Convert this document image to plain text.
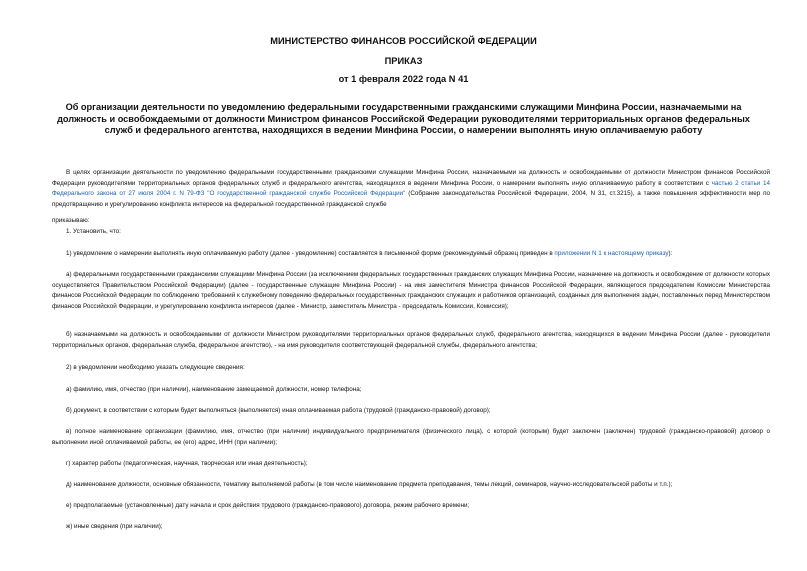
МИНИСТЕРСТВО ФИНАНСОВ РОССИЙСКОЙ ФЕДЕРАЦИИ
ПРИКАЗ
от 1 февраля 2022 года N 41
Об организации деятельности по уведомлению федеральными государственными гражданскими служащими Минфина России, назначаемыми на должность и освобождаемыми от должности Министром финансов Российской Федерации руководителями территориальных органов федеральных служб и федерального агентства, находящихся в ведении Минфина России, о намерении выполнять иную оплачиваемую работу
В целях организации деятельности по уведомлению федеральными государственными гражданскими служащими Минфина России, назначаемыми на должность и освобождаемыми от должности Министром финансов Российской Федерации руководителями территориальных органов федеральных служб и федерального агентства, находящихся в ведении Минфина России, о намерении выполнять иную оплачиваемую работу в соответствии с частью 2 статьи 14 Федерального закона от 27 июля 2004 г. N 79-ФЗ "О государственной гражданской службе Российской Федерации" (Собрание законодательства Российской Федерации, 2004, N 31, ст.3215), а также повышения эффективности мер по предотвращению и урегулированию конфликта интересов на федеральной государственной гражданской службе
приказываю:
1. Установить, что:
1) уведомление о намерении выполнять иную оплачиваемую работу (далее - уведомление) составляется в письменной форме (рекомендуемый образец приведен в приложении N 1 к настоящему приказу):
а) федеральными государственными гражданскими служащими Минфина России (за исключением федеральных государственных гражданских служащих Минфина России, назначение на должность и освобождение от должности которых осуществляется Правительством Российской Федерации) (далее - государственные служащие Минфина России) - на имя заместителя Министра финансов Российской Федерации, являющегося председателем Комиссии Министерства финансов Российской Федерации по соблюдению требований к служебному поведению федеральных государственных гражданских служащих и работников организаций, созданных для выполнения задач, поставленных перед Министерством финансов Российской Федерации, и урегулированию конфликта интересов (далее - Министр, заместитель Министра - председатель Комиссии, Комиссия);
б) назначаемыми на должность и освобождаемыми от должности Министром руководителями территориальных органов федеральных служб, федерального агентства, находящихся в ведении Минфина России (далее - руководители территориальных органов, федеральная служба, федеральное агентство), - на имя руководителя соответствующей федеральной службы, федерального агентства;
2) в уведомлении необходимо указать следующие сведения:
а) фамилию, имя, отчество (при наличии), наименование замещаемой должности, номер телефона;
б) документ, в соответствии с которым будет выполняться (выполняется) иная оплачиваемая работа (трудовой (гражданско-правовой) договор);
в) полное наименование организации (фамилию, имя, отчество (при наличии) индивидуального предпринимателя (физического лица), с которой (которым) будет заключен (заключен) трудовой (гражданско-правовой) договор о выполнении иной оплачиваемой работы, ее (его) адрес, ИНН (при наличии);
г) характер работы (педагогическая, научная, творческая или иная деятельность);
д) наименование должности, основные обязанности, тематику выполняемой работы (в том числе наименование предмета преподавания, темы лекций, семинаров, научно-исследовательской работы и т.п.);
е) предполагаемые (установленные) дату начала и срок действия трудового (гражданско-правового) договора, режим рабочего времени;
ж) иные сведения (при наличии);
